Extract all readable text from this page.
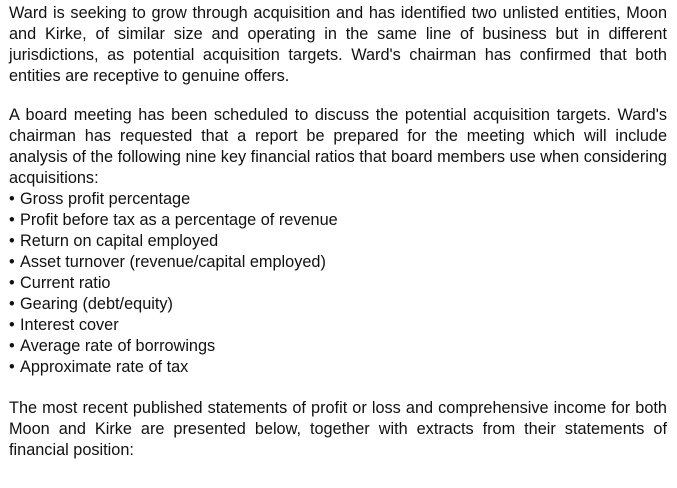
Ward is seeking to grow through acquisition and has identified two unlisted entities, Moon and Kirke, of similar size and operating in the same line of business but in different jurisdictions, as potential acquisition targets. Ward's chairman has confirmed that both entities are receptive to genuine offers.

A board meeting has been scheduled to discuss the potential acquisition targets. Ward's chairman has requested that a report be prepared for the meeting which will include analysis of the following nine key financial ratios that board members use when considering acquisitions:

• Gross profit percentage
• Profit before tax as a percentage of revenue
• Return on capital employed
• Asset turnover (revenue/capital employed)
• Current ratio
• Gearing (debt/equity)
• Interest cover
• Average rate of borrowings
• Approximate rate of tax

The most recent published statements of profit or loss and comprehensive income for both Moon and Kirke are presented below, together with extracts from their statements of financial position:
